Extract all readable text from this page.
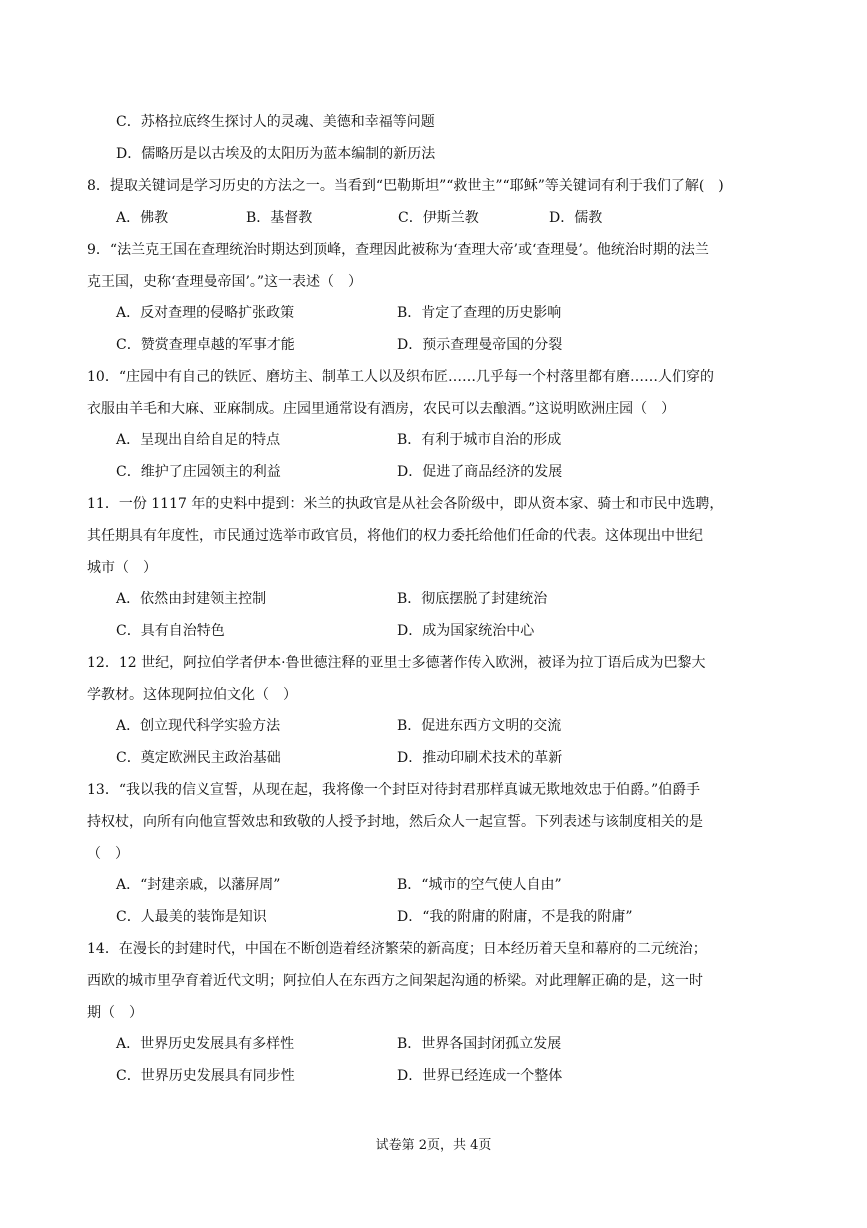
C．苏格拉底终生探讨人的灵魂、美德和幸福等问题
D．儒略历是以古埃及的太阳历为蓝本编制的新历法
8．提取关键词是学习历史的方法之一。当看到“巴勒斯坦”“救世主”“耶稣”等关键词有利于我们了解(　)
A．佛教	B．基督教	C．伊斯兰教	D．儒教
9．“法兰克王国在查理统治时期达到顶峰，查理因此被称为‘查理大帝’或‘查理曼’。他统治时期的法兰
克王国，史称‘查理曼帝国’。”这一表述（　）
A．反对查理的侵略扩张政策	B．肯定了查理的历史影响
C．赞赏查理卓越的军事才能	D．预示查理曼帝国的分裂
10．“庄园中有自己的铁匠、磨坊主、制革工人以及织布匠……几乎每一个村落里都有磨……人们穿的
衣服由羊毛和大麻、亚麻制成。庄园里通常设有酒房，农民可以去酿酒。”这说明欧洲庄园（　）
A．呈现出自给自足的特点	B．有利于城市自治的形成
C．维护了庄园领主的利益	D．促进了商品经济的发展
11．一份 1117 年的史料中提到：米兰的执政官是从社会各阶级中，即从资本家、骑士和市民中选聘，
其任期具有年度性，市民通过选举市政官员，将他们的权力委托给他们任命的代表。这体现出中世纪
城市（　）
A．依然由封建领主控制	B．彻底摆脱了封建统治
C．具有自治特色	D．成为国家统治中心
12．12 世纪，阿拉伯学者伊本·鲁世德注释的亚里士多德著作传入欧洲，被译为拉丁语后成为巴黎大
学教材。这体现阿拉伯文化（　）
A．创立现代科学实验方法	B．促进东西方文明的交流
C．奠定欧洲民主政治基础	D．推动印刷术技术的革新
13．“我以我的信义宣誓，从现在起，我将像一个封臣对待封君那样真诚无欺地效忠于伯爵。”伯爵手
持权杖，向所有向他宣誓效忠和致敬的人授予封地，然后众人一起宣誓。下列表述与该制度相关的是
（　）
A．“封建亲戚，以藩屏周”	B．“城市的空气使人自由”
C．人最美的装饰是知识	D．“我的附庸的附庸，不是我的附庸”
14．在漫长的封建时代，中国在不断创造着经济繁荣的新高度；日本经历着天皇和幕府的二元统治；
西欧的城市里孕育着近代文明；阿拉伯人在东西方之间架起沟通的桥梁。对此理解正确的是，这一时
期（　）
A．世界历史发展具有多样性	B．世界各国封闭孤立发展
C．世界历史发展具有同步性	D．世界已经连成一个整体
试卷第 2页，共 4页
